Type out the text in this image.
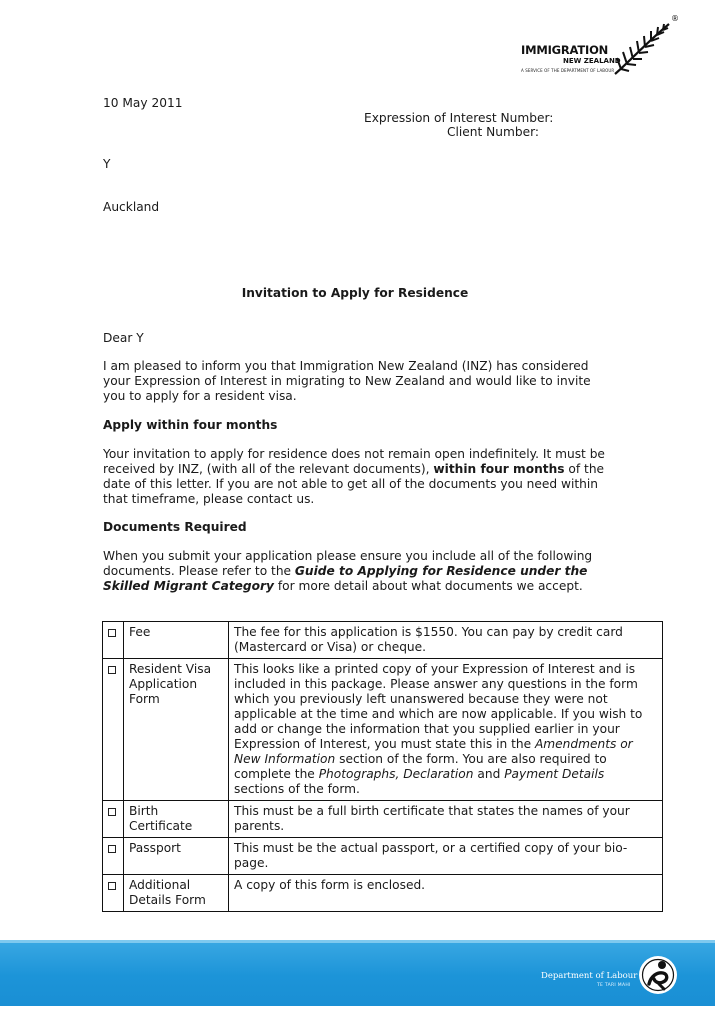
IMMIGRATION
NEW ZEALAND
A SERVICE OF THE DEPARTMENT OF LABOUR
®
10 May 2011
Expression of Interest Number:
Client Number:
Y
Auckland
Invitation to Apply for Residence
Dear Y
I am pleased to inform you that Immigration New Zealand (INZ) has considered your Expression of Interest in migrating to New Zealand and would like to invite you to apply for a resident visa.
Apply within four months
Your invitation to apply for residence does not remain open indefinitely. It must be received by INZ, (with all of the relevant documents), within four months of the date of this letter. If you are not able to get all of the documents you need within that timeframe, please contact us.
Documents Required
When you submit your application please ensure you include all of the following documents. Please refer to the Guide to Applying for Residence under the Skilled Migrant Category for more detail about what documents we accept.
	Fee	The fee for this application is $1550. You can pay by credit card (Mastercard or Visa) or cheque.
	Resident Visa Application Form	This looks like a printed copy of your Expression of Interest and is included in this package. Please answer any questions in the form which you previously left unanswered because they were not applicable at the time and which are now applicable. If you wish to add or change the information that you supplied earlier in your Expression of Interest, you must state this in the Amendments or New Information section of the form. You are also required to complete the Photographs, Declaration and Payment Details sections of the form.
	Birth Certificate	This must be a full birth certificate that states the names of your parents.
	Passport	This must be the actual passport, or a certified copy of your bio-page.
	Additional Details Form	A copy of this form is enclosed.
Department of Labour
TE TARI MAHI
